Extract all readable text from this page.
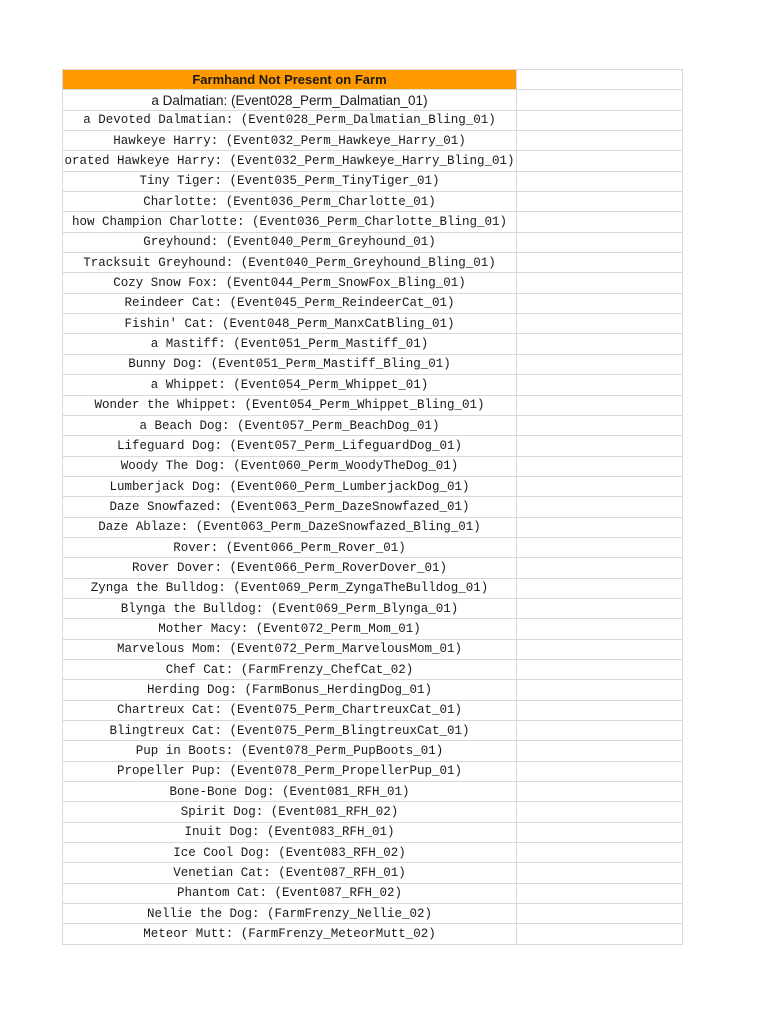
Farmhand Not Present on Farm	
a Dalmatian: (Event028_Perm_Dalmatian_01)	

a Devoted Dalmatian: (Event028_Perm_Dalmatian_Bling_01)	

Hawkeye Harry: (Event032_Perm_Hawkeye_Harry_01)	

orated Hawkeye Harry: (Event032_Perm_Hawkeye_Harry_Bling_01)	

Tiny Tiger: (Event035_Perm_TinyTiger_01)	

Charlotte: (Event036_Perm_Charlotte_01)	

how Champion Charlotte: (Event036_Perm_Charlotte_Bling_01)	

Greyhound: (Event040_Perm_Greyhound_01)	

Tracksuit Greyhound: (Event040_Perm_Greyhound_Bling_01)	

Cozy Snow Fox: (Event044_Perm_SnowFox_Bling_01)	

Reindeer Cat: (Event045_Perm_ReindeerCat_01)	

Fishin' Cat: (Event048_Perm_ManxCatBling_01)	

a Mastiff: (Event051_Perm_Mastiff_01)	

Bunny Dog: (Event051_Perm_Mastiff_Bling_01)	

a Whippet: (Event054_Perm_Whippet_01)	

Wonder the Whippet: (Event054_Perm_Whippet_Bling_01)	

a Beach Dog: (Event057_Perm_BeachDog_01)	

Lifeguard Dog: (Event057_Perm_LifeguardDog_01)	

Woody The Dog: (Event060_Perm_WoodyTheDog_01)	

Lumberjack Dog: (Event060_Perm_LumberjackDog_01)	

Daze Snowfazed: (Event063_Perm_DazeSnowfazed_01)	

Daze Ablaze: (Event063_Perm_DazeSnowfazed_Bling_01)	

Rover: (Event066_Perm_Rover_01)	

Rover Dover: (Event066_Perm_RoverDover_01)	

Zynga the Bulldog: (Event069_Perm_ZyngaTheBulldog_01)	

Blynga the Bulldog: (Event069_Perm_Blynga_01)	

Mother Macy: (Event072_Perm_Mom_01)	

Marvelous Mom: (Event072_Perm_MarvelousMom_01)	

Chef Cat: (FarmFrenzy_ChefCat_02)	

Herding Dog: (FarmBonus_HerdingDog_01)	

Chartreux Cat: (Event075_Perm_ChartreuxCat_01)	

Blingtreux Cat: (Event075_Perm_BlingtreuxCat_01)	

Pup in Boots: (Event078_Perm_PupBoots_01)	

Propeller Pup: (Event078_Perm_PropellerPup_01)	

Bone-Bone Dog: (Event081_RFH_01)	

Spirit Dog: (Event081_RFH_02)	

Inuit Dog: (Event083_RFH_01)	

Ice Cool Dog: (Event083_RFH_02)	

Venetian Cat: (Event087_RFH_01)	

Phantom Cat: (Event087_RFH_02)	

Nellie the Dog: (FarmFrenzy_Nellie_02)	

Meteor Mutt: (FarmFrenzy_MeteorMutt_02)	
